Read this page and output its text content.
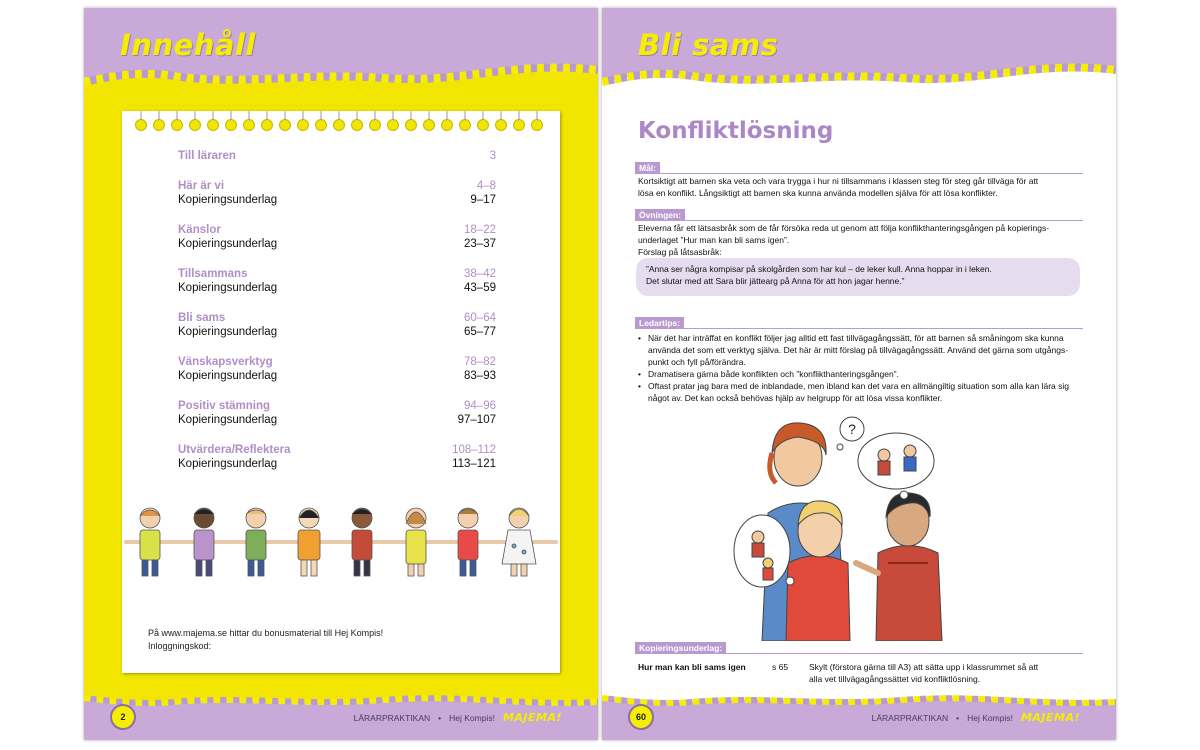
Innehåll
Till läraren	3
Här är vi	4–8
Kopieringsunderlag	9–17
Känslor	18–22
Kopieringsunderlag	23–37
Tillsammans	38–42
Kopieringsunderlag	43–59
Bli sams	60–64
Kopieringsunderlag	65–77
Vänskapsverktyg	78–82
Kopieringsunderlag	83–93
Positiv stämning	94–96
Kopieringsunderlag	97–107
Utvärdera/Reflektera	108–112
Kopieringsunderlag	113–121
På www.majema.se hittar du bonusmaterial till Hej Kompis!
Inloggningskod:
2	LÄRARPRAKTIKAN • Hej Kompis! MAJEMA!
Bli sams
Konfliktlösning
Mål:
Kortsiktigt att barnen ska veta och vara trygga i hur ni tillsammans i klassen steg för steg går tillväga för att
lösa en konflikt. Långsiktigt att barnen ska kunna använda modellen själva för att lösa konflikter.
Övningen:
Eleverna får ett lätsasbråk som de får försöka reda ut genom att följa konflikthanteringsgången på kopierings-
underlaget ”Hur man kan bli sams igen”.
Förslag på låtsasbråk:
”Anna ser några kompisar på skolgården som har kul – de leker kull. Anna hoppar in i leken.
Det slutar med att Sara blir jättearg på Anna för att hon jagar henne.”
Ledartips:
• När det har inträffat en konflikt följer jag alltid ett fast tillvägagångssätt, för att barnen så småningom ska kunna
använda det som ett verktyg själva. Det här är mitt förslag på tillvägagångssätt. Använd det gärna som utgångs-
punkt och fyll på/förändra.
• Dramatisera gärna både konflikten och ”konflikthanteringsgången”.
• Oftast pratar jag bara med de inblandade, men ibland kan det vara en allmängiltig situation som alla kan lära sig
något av. Det kan också behövas hjälp av helgrupp för att lösa vissa konflikter.
?
Kopieringsunderlag:
Hur man kan bli sams igen	s 65	Skylt (förstora gärna till A3) att sätta upp i klassrummet så att
alla vet tillvägagångssättet vid konfliktlösning.
60	LÄRARPRAKTIKAN • Hej Kompis! MAJEMA!
